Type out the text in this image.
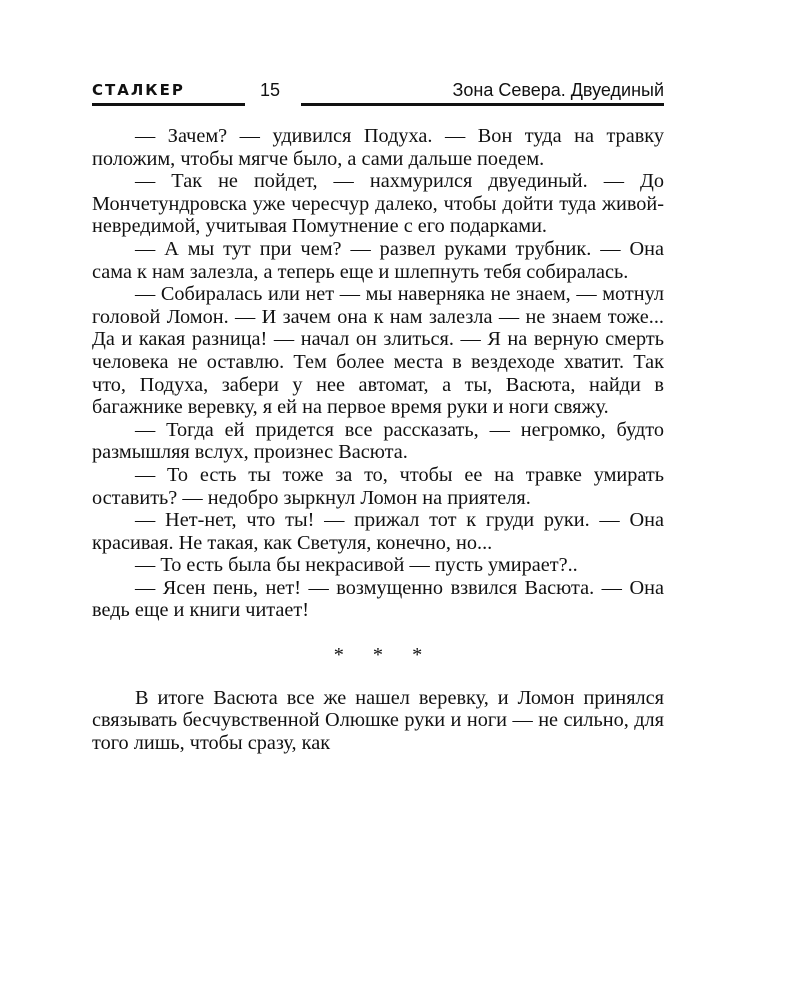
СТАЛКЕР	15	Зона Севера. Двуединый

— Зачем? — удивился Подуха. — Вон туда на травку положим, чтобы мягче было, а сами дальше поедем.

— Так не пойдет, — нахмурился двуединый. — До Мончетундровска уже чересчур далеко, чтобы дойти туда живой-невредимой, учитывая Помутнение с его подарками.

— А мы тут при чем? — развел руками трубник. — Она сама к нам залезла, а теперь еще и шлепнуть тебя собиралась.

— Собиралась или нет — мы наверняка не знаем, — мотнул головой Ломон. — И зачем она к нам залезла — не знаем тоже... Да и какая разница! — начал он злиться. — Я на верную смерть человека не оставлю. Тем более места в вездеходе хватит. Так что, Подуха, забери у нее автомат, а ты, Васюта, найди в багажнике веревку, я ей на первое время руки и ноги свяжу.

— Тогда ей придется все рассказать, — негромко, будто размышляя вслух, произнес Васюта.

— То есть ты тоже за то, чтобы ее на травке умирать оставить? — недобро зыркнул Ломон на приятеля.

— Нет-нет, что ты! — прижал тот к груди руки. — Она красивая. Не такая, как Светуля, конечно, но...

— То есть была бы некрасивой — пусть умирает?..

— Ясен пень, нет! — возмущенно взвился Васюта. — Она ведь еще и книги читает!

* * *

В итоге Васюта все же нашел веревку, и Ломон принялся связывать бесчувственной Олюшке руки и ноги — не сильно, для того лишь, чтобы сразу, как
